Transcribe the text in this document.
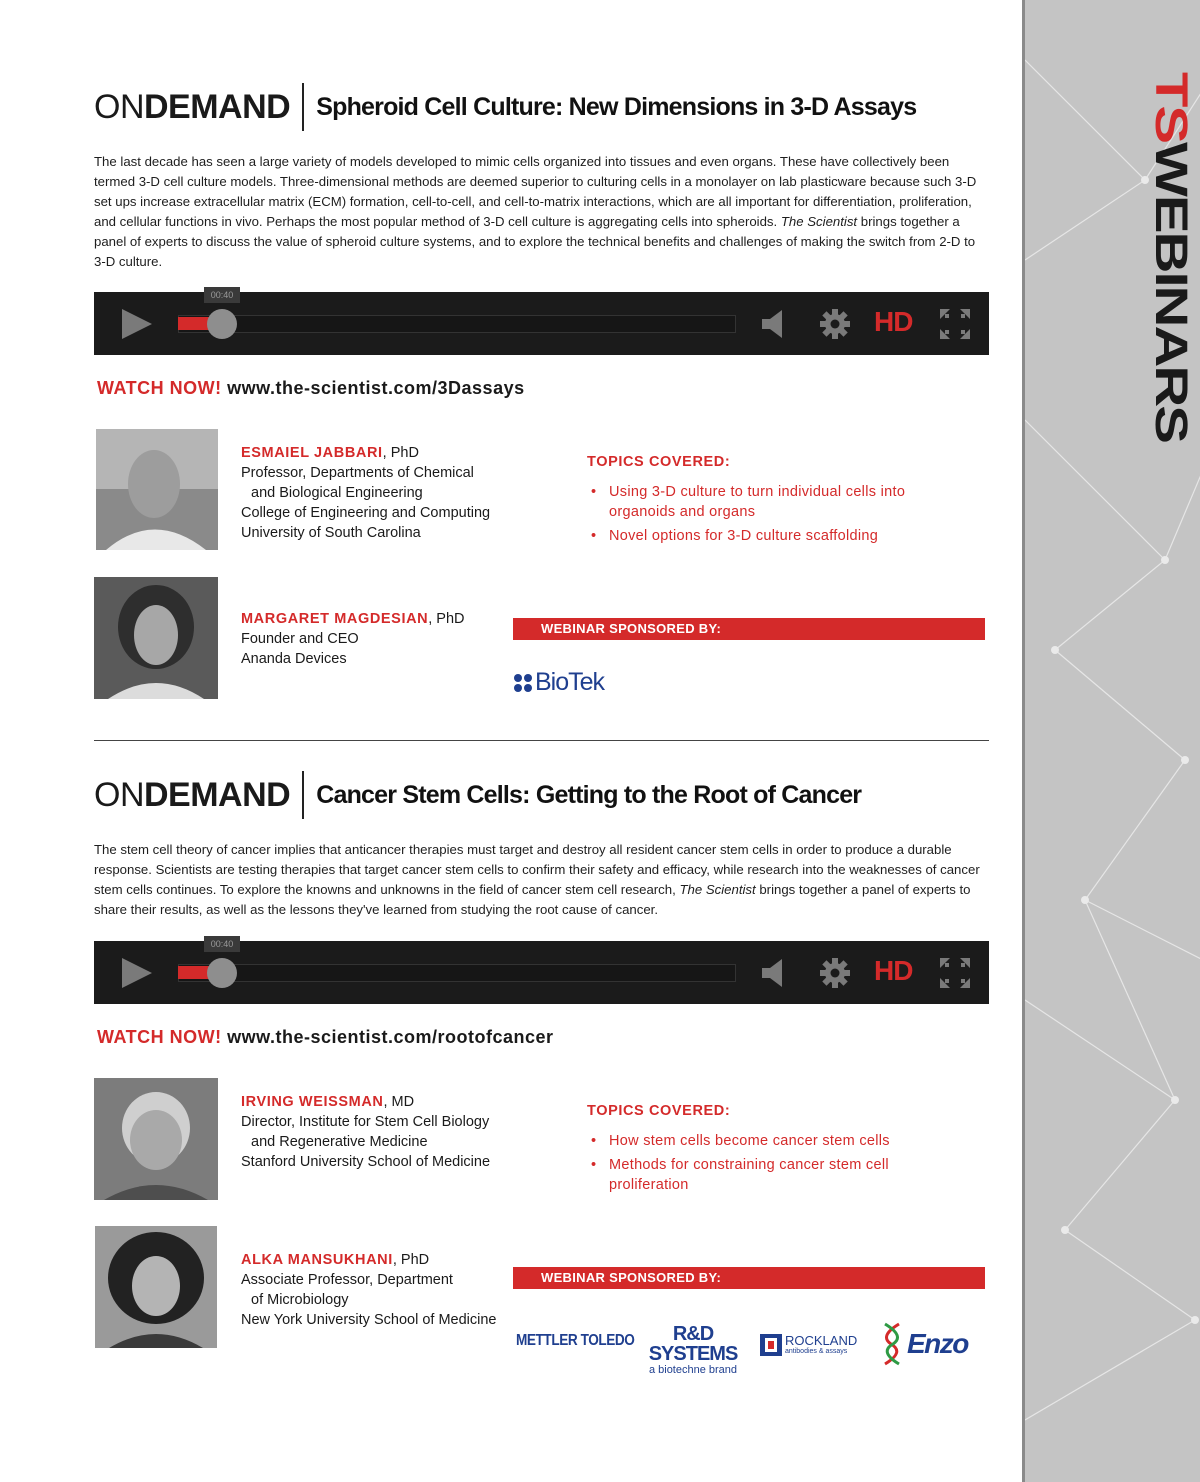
TSWEBINARS
ONDEMAND Spheroid Cell Culture: New Dimensions in 3-D Assays
The last decade has seen a large variety of models developed to mimic cells organized into tissues and even organs. These have collectively been termed 3-D cell culture models. Three-dimensional methods are deemed superior to culturing cells in a monolayer on lab plasticware because such 3-D set ups increase extracellular matrix (ECM) formation, cell-to-cell, and cell-to-matrix interactions, which are all important for differentiation, proliferation, and cellular functions in vivo. Perhaps the most popular method of 3-D cell culture is aggregating cells into spheroids. The Scientist brings together a panel of experts to discuss the value of spheroid culture systems, and to explore the technical benefits and challenges of making the switch from 2-D to 3-D culture.
00:40
HD
WATCH NOW! www.the-scientist.com/3Dassays
ESMAIEL JABBARI, PhD
Professor, Departments of Chemical
and Biological Engineering
College of Engineering and Computing
University of South Carolina
TOPICS COVERED:
• Using 3-D culture to turn individual cells into organoids and organs
• Novel options for 3-D culture scaffolding
MARGARET MAGDESIAN, PhD
Founder and CEO
Ananda Devices
WEBINAR SPONSORED BY:
BioTek
ONDEMAND Cancer Stem Cells: Getting to the Root of Cancer
The stem cell theory of cancer implies that anticancer therapies must target and destroy all resident cancer stem cells in order to produce a durable response. Scientists are testing therapies that target cancer stem cells to confirm their safety and efficacy, while research into the weaknesses of cancer stem cells continues. To explore the knowns and unknowns in the field of cancer stem cell research, The Scientist brings together a panel of experts to share their results, as well as the lessons they've learned from studying the root cause of cancer.
00:40
HD
WATCH NOW! www.the-scientist.com/rootofcancer
IRVING WEISSMAN, MD
Director, Institute for Stem Cell Biology
and Regenerative Medicine
Stanford University School of Medicine
TOPICS COVERED:
• How stem cells become cancer stem cells
• Methods for constraining cancer stem cell proliferation
ALKA MANSUKHANI, PhD
Associate Professor, Department
of Microbiology
New York University School of Medicine
WEBINAR SPONSORED BY:
METTLER TOLEDO	R&D SYSTEMS
a biotechne brand
ROCKLAND
antibodies & assays	Enzo
